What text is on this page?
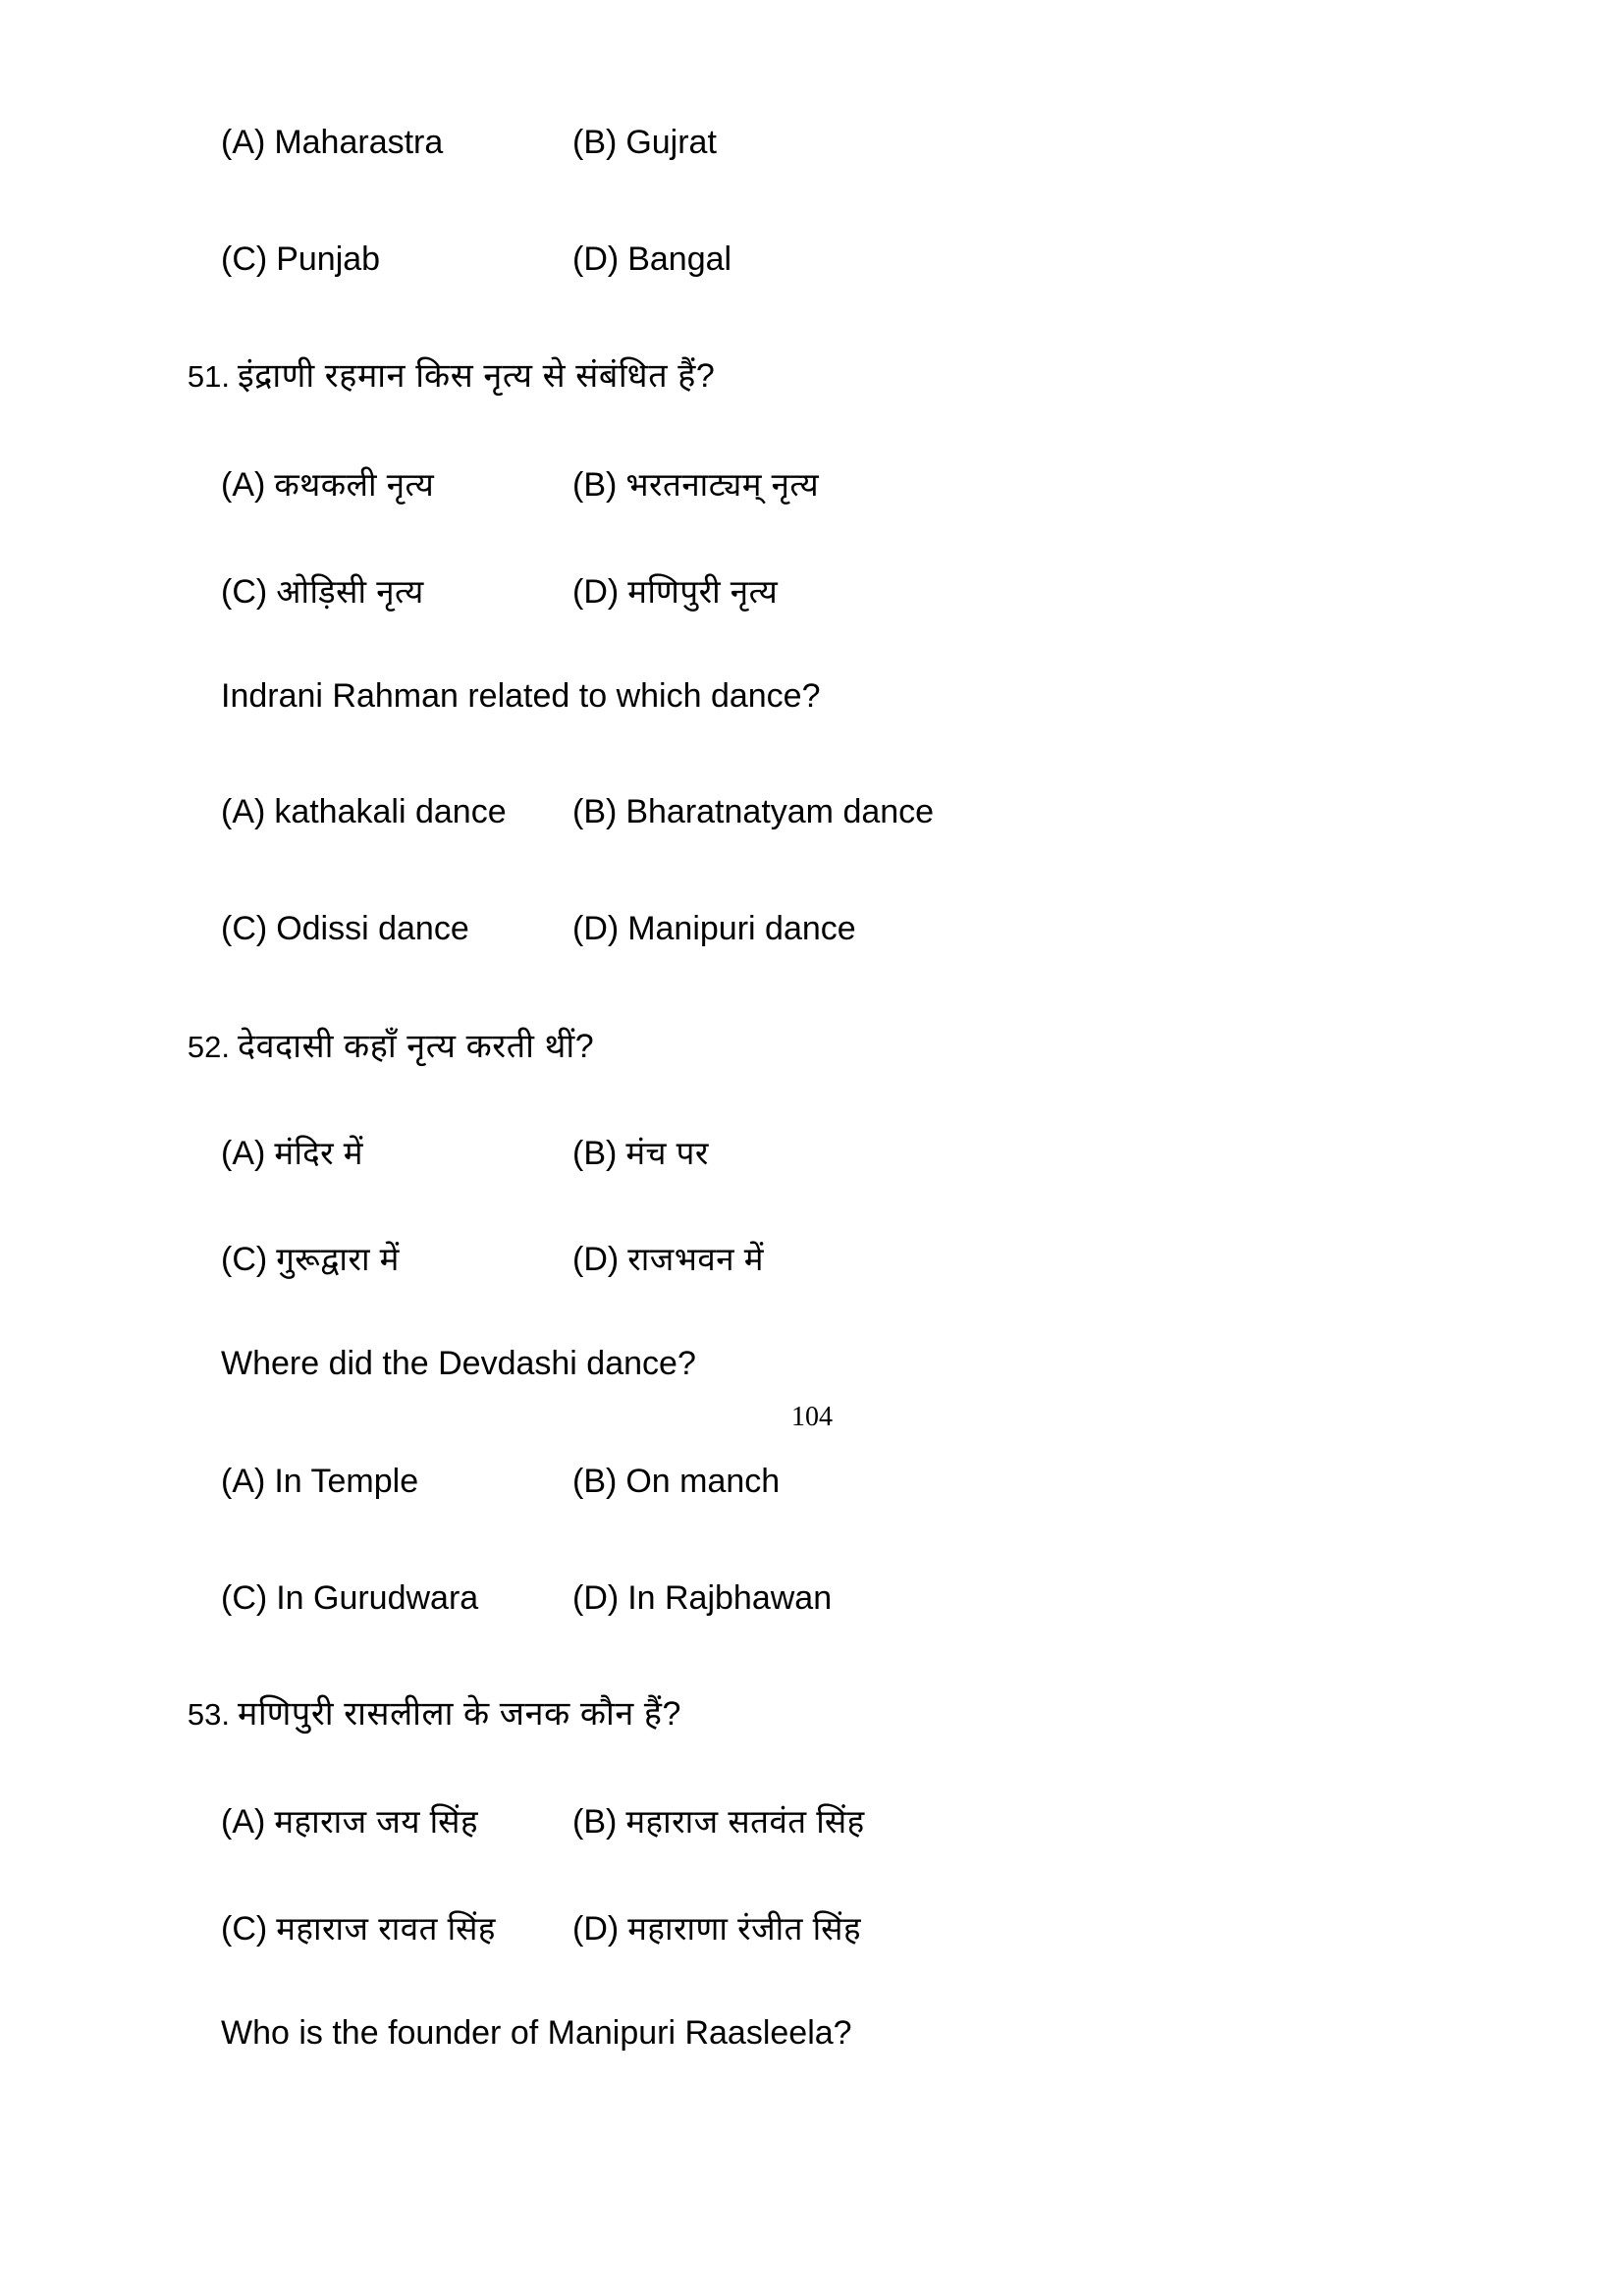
(A) Maharastra	(B) Gujrat
(C) Punjab	(D) Bangal
51. इंद्राणी रहमान किस नृत्य से संबंधित हैं?
(A) कथकली नृत्य	(B) भरतनाट्यम् नृत्य
(C) ओड़िसी नृत्य	(D) मणिपुरी नृत्य
Indrani Rahman related to which dance?
(A) kathakali dance (B) Bharatnatyam dance
(C) Odissi dance	(D) Manipuri dance
52. देवदासी कहाँ नृत्य करती थीं?
(A) मंदिर में	(B) मंच पर
(C) गुरूद्वारा में	(D) राजभवन में
Where did the Devdashi dance?
(A) In Temple	(B) On manch
(C) In Gurudwara	(D) In Rajbhawan
53. मणिपुरी रासलीला के जनक कौन हैं?
(A) महाराज जय सिंह	(B) महाराज सतवंत सिंह
(C) महाराज रावत सिंह (D) महाराणा रंजीत सिंह
Who is the founder of Manipuri Raasleela?
104
